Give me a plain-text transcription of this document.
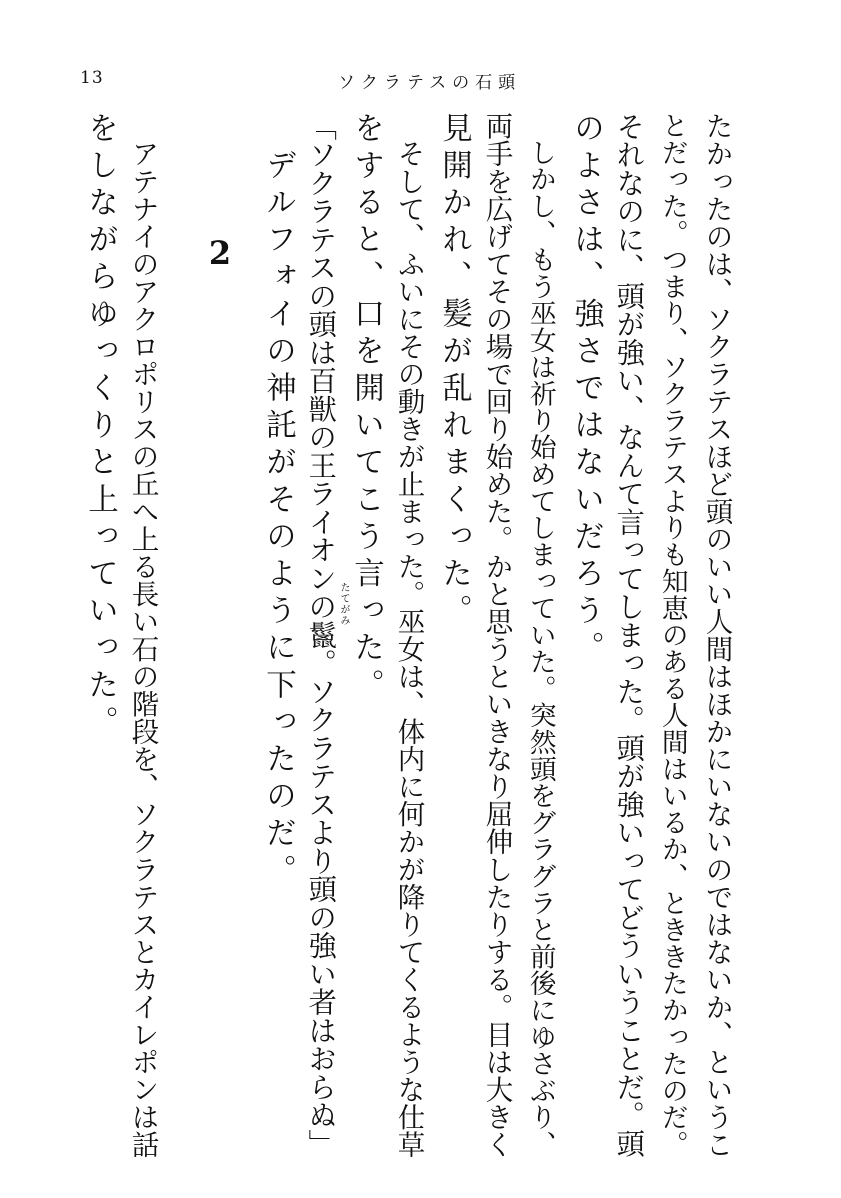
13	ソクラテスの石頭
たかったのは、ソクラテスほど頭のいい人間はほかにいないのではないか、というこ
とだった。つまり、ソクラテスよりも知恵のある人間はいるか、とききたかったのだ。
それなのに、頭が強い、なんて言ってしまった。頭が強いってどういうことだ。頭
のよさは、強さではないだろう。
　しかし、もう巫女は祈り始めてしまっていた。突然頭をグラグラと前後にゆさぶり、
両手を広げてその場で回り始めた。かと思うといきなり屈伸したりする。目は大きく
見開かれ、髪が乱れまくった。
　そして、ふいにその動きが止まった。巫女は、体内に何かが降りてくるような仕草
をすると、口を開いてこう言った。
「ソクラテスの頭は百獣の王ライオンの鬣。ソクラテスより頭の強い者はおらぬ」
　デルフォイの神託がそのように下ったのだ。
2
　アテナイのアクロポリスの丘へ上る長い石の階段を、ソクラテスとカイレポンは話
をしながらゆっくりと上っていった。	たてがみ
